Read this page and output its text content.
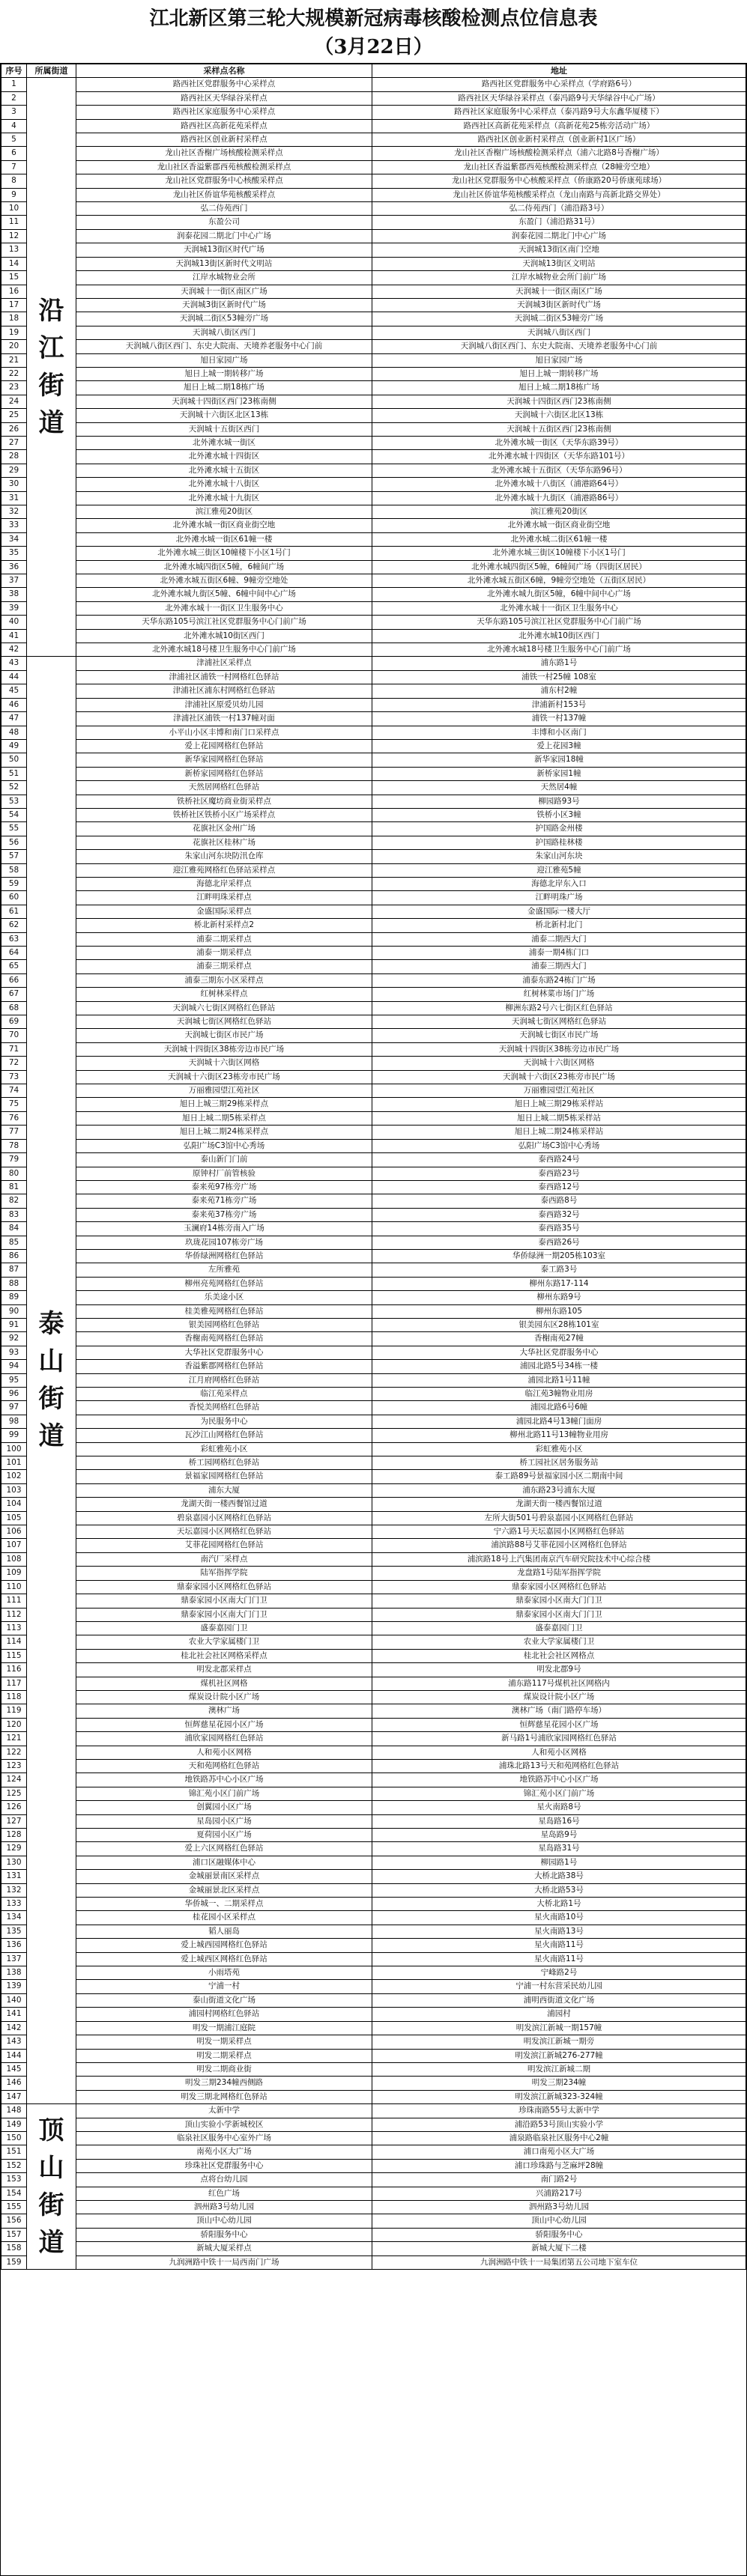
江北新区第三轮大规模新冠病毒核酸检测点位信息表
（3月22日）
序号	所属街道	采样点名称	地址
1	沿江街道	路西社区党群服务中心采样点	路西社区党群服务中心采样点（学府路6号）
2		路西社区天华绿谷采样点	路西社区天华绿谷采样点（泰冯路9号天华绿谷中心广场）
3		路西社区家庭服务中心采样点	路西社区家庭服务中心采样点（泰冯路9号大东鑫华厦楼下）
4		路西社区高新花苑采样点	路西社区高新花苑采样点（高新花苑25栋旁活动广场）
5		路西社区创业新村采样点	路西社区创业新村采样点（创业新村1区广场）
6		龙山社区香榭广场核酸检测采样点	龙山社区香榭广场核酸检测采样点（浦六北路8号香榭广场）
7		龙山社区香溢紫郡西苑核酸检测采样点	龙山社区香溢紫郡西苑核酸检测采样点（28幢旁空地）
8		龙山社区党群服务中心核酸采样点	龙山社区党群服务中心核酸采样点（侨康路20号侨康苑球场）
9		龙山社区侨谊华苑核酸采样点	龙山社区侨谊华苑核酸采样点（龙山南路与高新北路交界处）
10		弘二侍苑西门	弘二侍苑西门（浦沿路3号）
11		东盈公司	东盈门（浦沿路31号）
12		润泰花园二期北门中心广场	润泰花园二期北门中心广场
13		天润城13街区时代广场	天润城13街区南门空地
14		天润城13街区新时代文明站	天润城13街区文明站
15		江岸水城物业会所	江岸水城物业会所门前广场
16		天润城十一街区南区广场	天润城十一街区南区广场
17		天润城3街区新时代广场	天润城3街区新时代广场
18		天润城二街区53幢旁广场	天润城二街区53幢旁广场
19		天润城八街区西门	天润城八街区西门
20		天润城八街区西门、东史大院南、天境养老服务中心门前	天润城八街区西门、东史大院南、天境养老服务中心门前
21		旭日家园广场	旭日家园广场
22		旭日上城一期转移广场	旭日上城一期转移广场
23		旭日上城二期18栋广场	旭日上城二期18栋广场
24		天润城十四街区西门23栋南侧	天润城十四街区西门23栋南侧
25		天润城十六街区北区13栋	天润城十六街区北区13栋
26		天润城十五街区西门	天润城十五街区西门23栋南侧
27		北外滩水城一街区	北外滩水城一街区（天华东路39号）
28		北外滩水城十四街区	北外滩水城十四街区（天华东路101号）
29		北外滩水城十五街区	北外滩水城十五街区（天华东路96号）
30		北外滩水城十八街区	北外滩水城十八街区（浦港路64号）
31		北外滩水城十九街区	北外滩水城十九街区（浦港路86号）
32		滨江雅苑20街区	滨江雅苑20街区
33		北外滩水城一街区商业街空地	北外滩水城一街区商业街空地
34		北外滩水城一街区61幢一楼	北外滩水城二街区61幢一楼
35		北外滩水城三街区10幢楼下小区1号门	北外滩水城三街区10幢楼下小区1号门
36		北外滩水城四街区5幢，6幢间广场	北外滩水城四街区5幢，6幢间广场（四街区居民）
37		北外滩水城五街区6幢、9幢旁空地处	北外滩水城五街区6幢，9幢旁空地处（五街区居民）
38		北外滩水城九街区5幢、6幢中间中心广场	北外滩水城九街区5幢，6幢中间中心广场
39		北外滩水城十一街区卫生服务中心	北外滩水城十一街区卫生服务中心
40		天华东路105号滨江社区党群服务中心门前广场	天华东路105号滨江社区党群服务中心门前广场
41		北外滩水城10街区西门	北外滩水城10街区西门
42		北外滩水城18号楼卫生服务中心门前广场	北外滩水城18号楼卫生服务中心门前广场
43	泰山街道	津浦社区采样点	浦东路1号
44		津浦社区浦铁一村网格红色驿站	浦铁一村25幢 108室
45		津浦社区浦东村网格红色驿站	浦东村2幢
46		津浦社区原爱贝幼儿园	津浦新村153号
47		津浦社区浦铁一村137幢对面	浦铁一村137幢
48		小平山小区丰博和南门口采样点	丰博和小区南门
49		爱上花园网格红色驿站	爱上花园3幢
50		新华家园网格红色驿站	新华家园18幢
51		新桥家园网格红色驿站	新桥家园1幢
52		天然居网格红色驿站	天然居4幢
53		铁桥社区魔坊商业街采样点	柳园路93号
54		铁桥社区铁桥小区广场采样点	铁桥小区3幢
55		花旗社区金州广场	护国路金州楼
56		花旗社区桂林广场	护国路桂林楼
57		朱家山河东块防汛仓库	朱家山河东块
58		迎江雅苑网格红色驿站采样点	迎江雅苑5幢
59		海德北岸采样点	海德北岸东入口
60		江畔明珠采样点	江畔明珠广场
61		金盛国际采样点	金盛国际一楼大厅
62		桥北新村采样点2	桥北新村北门
63		浦泰二期采样点	浦泰二期西大门
64		浦泰一期采样点	浦泰一期4栋门口
65		浦泰三期采样点	浦泰三期西大门
66		浦泰三期东小区采样点	浦泰东路24栋门广场
67		红树林采样点	红树林菜市场门广场
68		天润城六七街区网格红色驿站	柳洲东路2号六七街区红色驿站
69		天润城七街区网格红色驿站	天润城七街区网格红色驿站
70		天润城七街区市民广场	天润城七街区市民广场
71		天润城十四街区38栋旁边市民广场	天润城十四街区38栋旁边市民广场
72		天润城十六街区网格	天润城十六街区网格
73		天润城十六街区23栋旁市民广场	天润城十六街区23栋旁市民广场
74		万丽雅园望江苑社区	万丽雅园望江苑社区
75		旭日上城三期29栋采样点	旭日上城三期29栋采样站
76		旭日上城二期5栋采样点	旭日上城二期5栋采样站
77		旭日上城二期24栋采样点	旭日上城二期24栋采样站
78		弘阳广场C3馆中心秀场	弘阳广场C3馆中心秀场
79		泰山新门门前	泰西路24号
80		原钟村厂前管核验	泰西路23号
81		泰来苑97栋旁广场	泰西路12号
82		泰来苑71栋旁广场	泰西路8号
83		泰来苑37栋旁广场	泰西路32号
84		玉澜府14栋旁南入广场	泰西路35号
85		玖珑花园107栋旁广场	泰西路26号
86		华侨绿洲网格红色驿站	华侨绿洲一期205栋103室
87		左所雅苑	泰工路3号
88		柳州亮苑网格红色驿站	柳州东路17-114
89		乐美途小区	柳州东路9号
90		桂美雅苑网格红色驿站	柳州东路105
91		银美园网格红色驿站	银美园东区28栋101室
92		香榭南苑网格红色驿站	香榭南苑27幢
93		大华社区党群服务中心	大华社区党群服务中心
94		香溢紫郡网格红色驿站	浦园北路5号34栋一楼
95		江月府网格红色驿站	浦园北路1号11幢
96		临江苑采样点	临江苑3幢物业用房
97		香悦美网格红色驿站	浦园北路6号6幢
98		为民服务中心	浦园北路4号13幢门面房
99		瓦沙江山网格红色驿站	柳州北路11号13幢物业用房
100		彩虹雅苑小区	彩虹雅苑小区
101		桥工园网格红色驿站	桥工园社区居务服务站
102		景福家园网格红色驿站	泰工路89号景福家园小区二期南中间
103		浦东大厦	浦东路23号浦东大厦
104		龙湖天街一楼西餐馆过道	龙湖天街一楼西餐馆过道
105		碧泉嘉园小区网格红色驿站	左所大街501号碧泉嘉园小区网格红色驿站
106		天坛嘉园小区网格红色驿站	宁六路1号天坛嘉园小区网格红色驿站
107		艾菲花园网格红色驿站	浦滨路88号艾菲花园小区网格红色驿站
108		南汽厂采样点	浦滨路18号上汽集团南京汽车研究院技术中心综合楼
109		陆军指挥学院	龙盘路1号陆军指挥学院
110		鼎泰家园小区网格红色驿站	鼎泰家园小区网格红色驿站
111		鼎泰家园小区南大门门卫	鼎泰家园小区南大门门卫
112		鼎泰家园小区南大门门卫	鼎泰家园小区南大门门卫
113		盛泰嘉园门卫	盛泰嘉园门卫
114		农业大学家属楼门卫	农业大学家属楼门卫
115		桂北社会社区网格采样点	桂北社会社区网格点
116		明发北郡采样点	明发北郡9号
117		煤机社区网格	浦东路117号煤机社区网格内
118		煤炭设计院小区广场	煤炭设计院小区广场
119		澳林广场	澳林广场（南门路停车场）
120		恒辉慈星花园小区广场	恒辉慈星花园小区广场
121		浦欣家园网格红色驿站	新马路1号浦欣家园网格红色驿站
122		人和苑小区网格	人和苑小区网格
123		天和苑网格红色驿站	浦珠北路13号天和苑网格红色驿站
124		地铁路苏中心小区广场	地铁路苏中心小区广场
125		锦汇苑小区门前广场	锦汇苑小区门前广场
126		创翼园小区广场	星火南路8号
127		星岛园小区广场	星岛路16号
128		夏荷园小区广场	星岛路9号
129		爱上六区网格红色驿站	星岛路31号
130		浦口区融媒体中心	柳园路1号
131		金城丽景南区采样点	大桥北路38号
132		金城丽景北区采样点	大桥北路53号
133		华侨城一、二期采样点	大桥北路1号
134		桂花园小区采样点	星火南路10号
135		韬人丽岛	星火南路13号
136		爱上城西园网格红色驿站	星火南路11号
137		爱上城西区网格红色驿站	星火南路11号
138		小雨塔苑	宁峰路2号
139		宁浦一村	宁浦一村东营采民幼儿园
140		泰山街道文化广场	浦明西街道文化广场
141		浦园村网格红色驿站	浦园村
142		明发一期浦江庭院	明发滨江新城一期157幢
143		明发一期采样点	明发滨江新城一期旁
144		明发二期采样点	明发滨江新城276-277幢
145		明发二期商业街	明发滨江新城二期
146		明发三期234幢西侧路	明发三期234幢
147		明发三期北网格红色驿站	明发滨江新城323-324幢
148	顶山街道	太新中学	珍珠南路55号太新中学
149		顶山实验小学新城校区	浦沿路53号顶山实验小学
150		临泉社区服务中心室外广场	浦泉路临泉社区服务中心2幢
151		南苑小区大广场	浦口南苑小区大广场
152		珍珠社区党群服务中心	浦口珍珠路与芝麻坪28幢
153		点将台幼儿园	南门路2号
154		红色广场	兴浦路217号
155		泗州路3号幼儿园	泗州路3号幼儿园
156		顶山中心幼儿园	顶山中心幼儿园
157		骄阳服务中心	骄阳服务中心
158		新城大厦采样点	新城大厦下二楼
159		九润洲路中铁十一局西南门广场	九润洲路中铁十一局集团第五公司地下室车位
